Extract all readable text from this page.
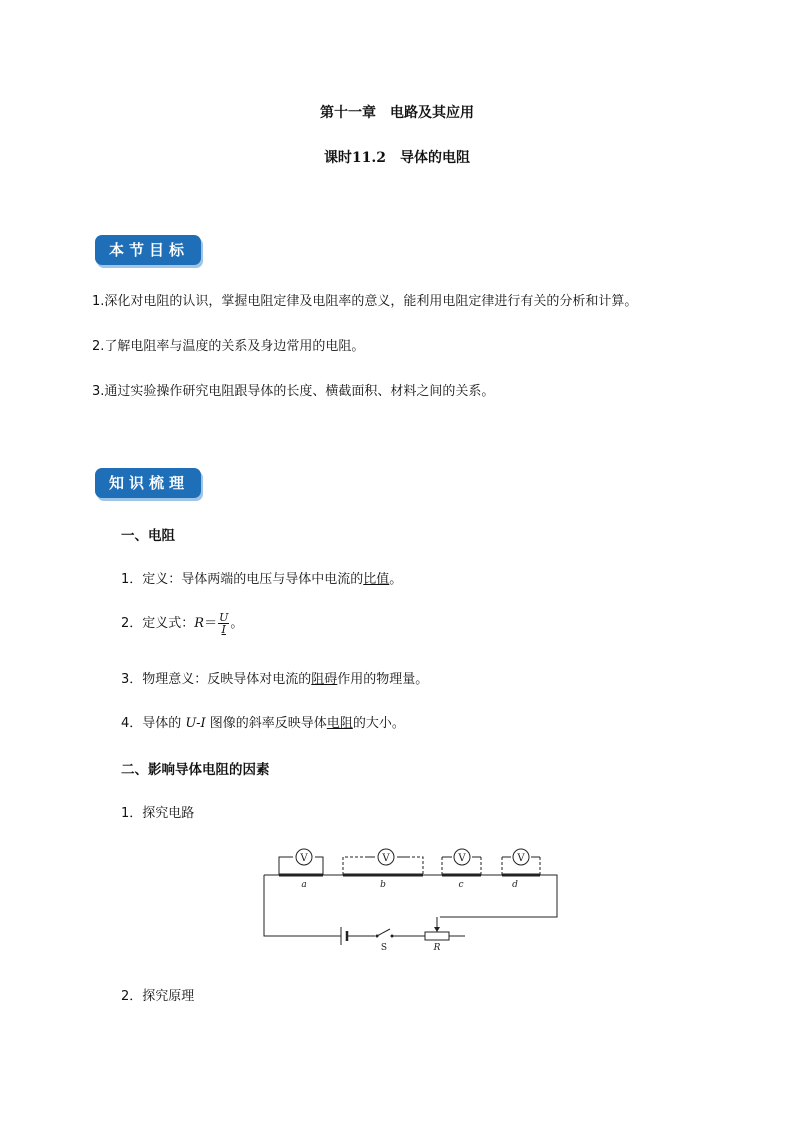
第十一章　电路及其应用
课时11.2　导体的电阻
本节目标
1.深化对电阻的认识，掌握电阻定律及电阻率的意义，能利用电阻定律进行有关的分析和计算。
2.了解电阻率与温度的关系及身边常用的电阻。
3.通过实验操作研究电阻跟导体的长度、横截面积、材料之间的关系。
知识梳理
一、电阻
1．定义：导体两端的电压与导体中电流的比值。
2．定义式：$R= \frac{U}{I}$ 。
3．物理意义：反映导体对电流的阻碍作用的物理量。
4．导体的 U-I 图像的斜率反映导体电阻的大小。
二、影响导体电阻的因素
1．探究电路
V	V	V	V
a	b	c	d
S	R
2．探究原理
